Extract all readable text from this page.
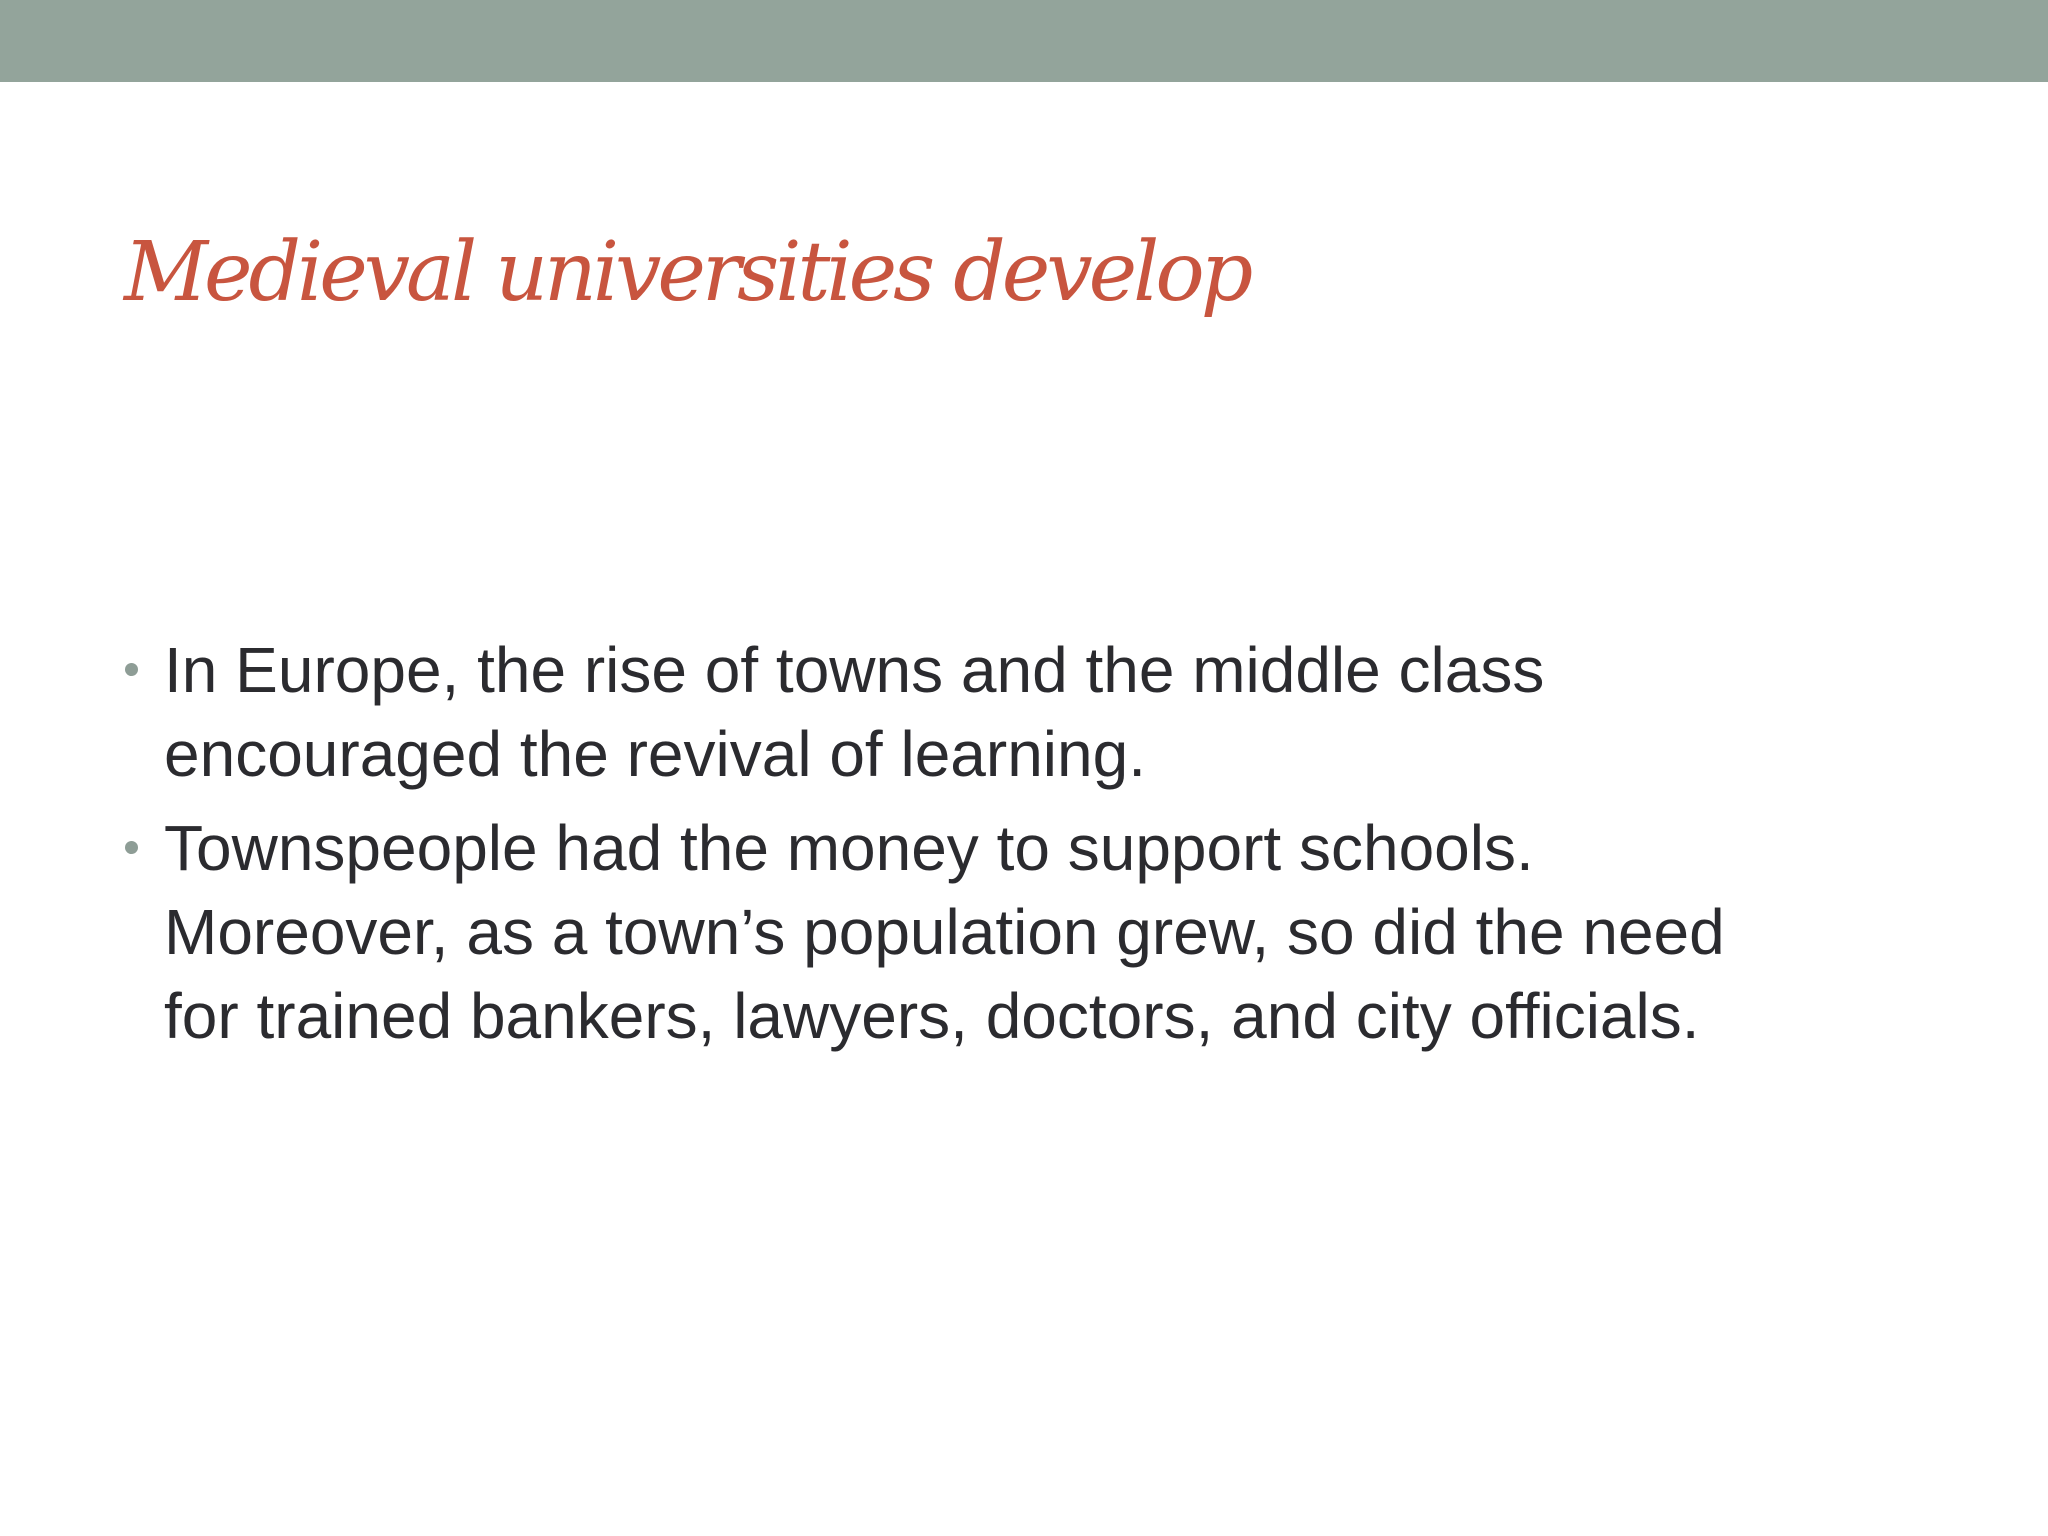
Medieval universities develop
In Europe, the rise of towns and the middle class
encouraged the revival of learning.
Townspeople had the money to support schools.
Moreover, as a town’s population grew, so did the need
for trained bankers, lawyers, doctors, and city officials.
